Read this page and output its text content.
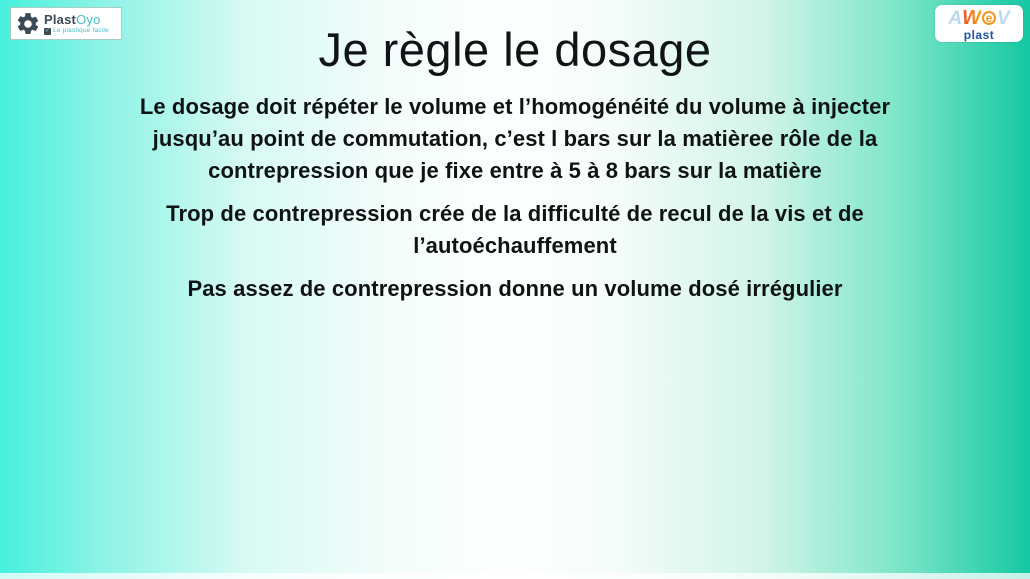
PlastOyo
✓ Le plastique facile
A W e V
plast
Je règle le dosage

Le dosage doit répéter le volume et l’homogénéité du volume à injecter jusqu’au point de commutation, c’est l bars sur la matièree rôle de la contrepression que je fixe entre à 5 à 8 bars sur la matière

Trop de contrepression crée de la difficulté de recul de la vis et de l’autoéchauffement

Pas assez de contrepression donne un volume dosé irrégulier
